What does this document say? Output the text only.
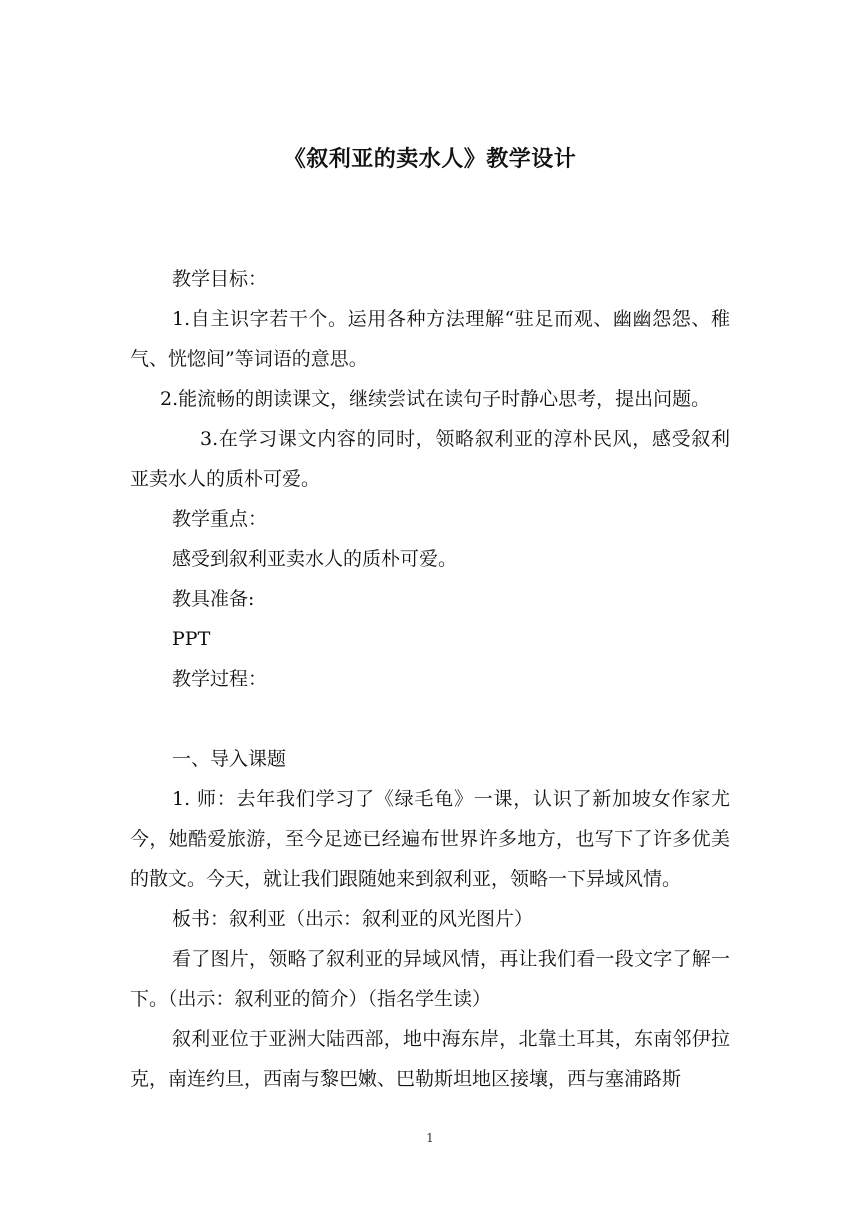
《叙利亚的卖水人》教学设计

教学目标：

1.自主识字若干个。运用各种方法理解“驻足而观、幽幽怨怨、稚气、恍惚间”等词语的意思。

2.能流畅的朗读课文，继续尝试在读句子时静心思考，提出问题。

3.在学习课文内容的同时，领略叙利亚的淳朴民风，感受叙利亚卖水人的质朴可爱。

教学重点：

感受到叙利亚卖水人的质朴可爱。

教具准备:

PPT

教学过程：

一、导入课题

1. 师：去年我们学习了《绿毛龟》一课，认识了新加坡女作家尤今，她酷爱旅游，至今足迹已经遍布世界许多地方，也写下了许多优美的散文。今天，就让我们跟随她来到叙利亚，领略一下异域风情。

板书：叙利亚（出示：叙利亚的风光图片）

看了图片，领略了叙利亚的异域风情，再让我们看一段文字了解一下。（出示：叙利亚的简介）（指名学生读）

叙利亚位于亚洲大陆西部，地中海东岸，北靠土耳其，东南邻伊拉克，南连约旦，西南与黎巴嫩、巴勒斯坦地区接壤，西与塞浦路斯

1
